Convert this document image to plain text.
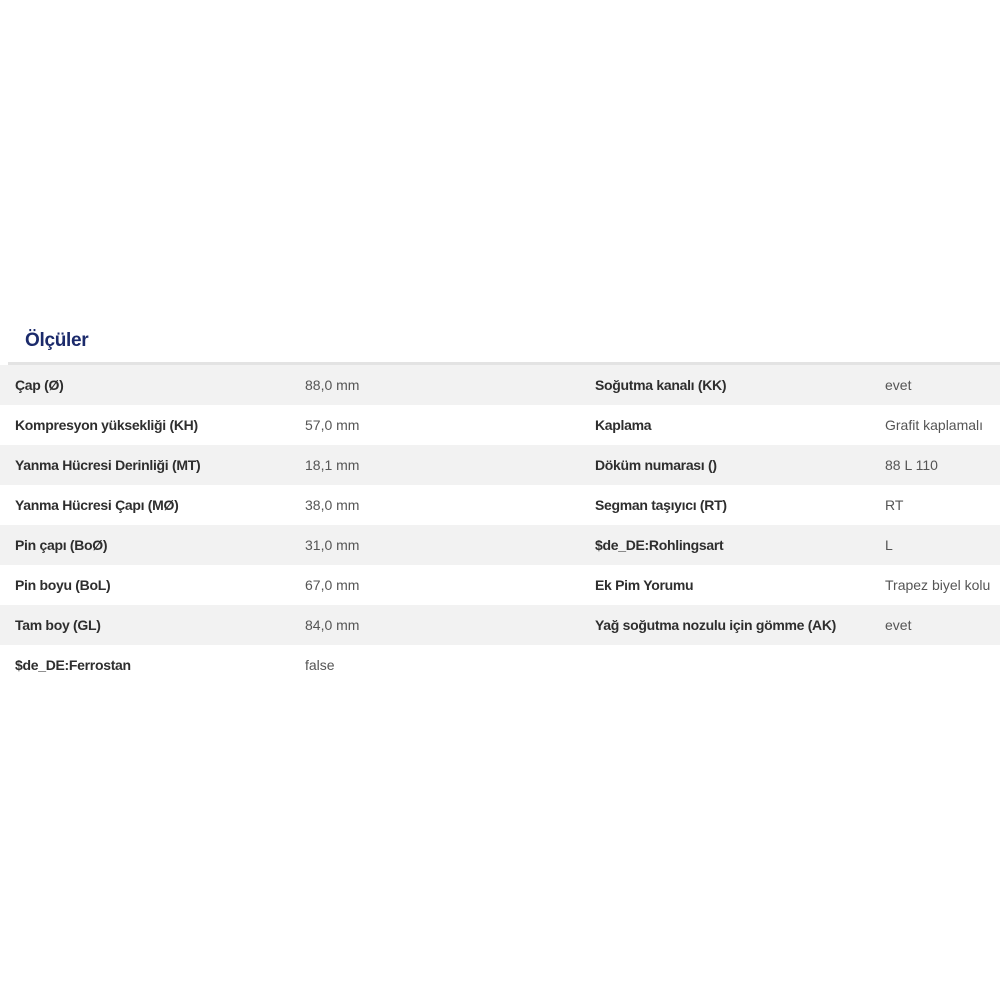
Ölçüler
Çap (Ø)	88,0 mm	Soğutma kanalı (KK)	evet
Kompresyon yüksekliği (KH)	57,0 mm	Kaplama	Grafit kaplamalı
Yanma Hücresi Derinliği (MT)	18,1 mm	Döküm numarası ()	88 L 110
Yanma Hücresi Çapı (MØ)	38,0 mm	Segman taşıyıcı (RT)	RT
Pin çapı (BoØ)	31,0 mm	$de_DE:Rohlingsart	L
Pin boyu (BoL)	67,0 mm	Ek Pim Yorumu	Trapez biyel kolu
Tam boy (GL)	84,0 mm	Yağ soğutma nozulu için gömme (AK)	evet
$de_DE:Ferrostan	false		
